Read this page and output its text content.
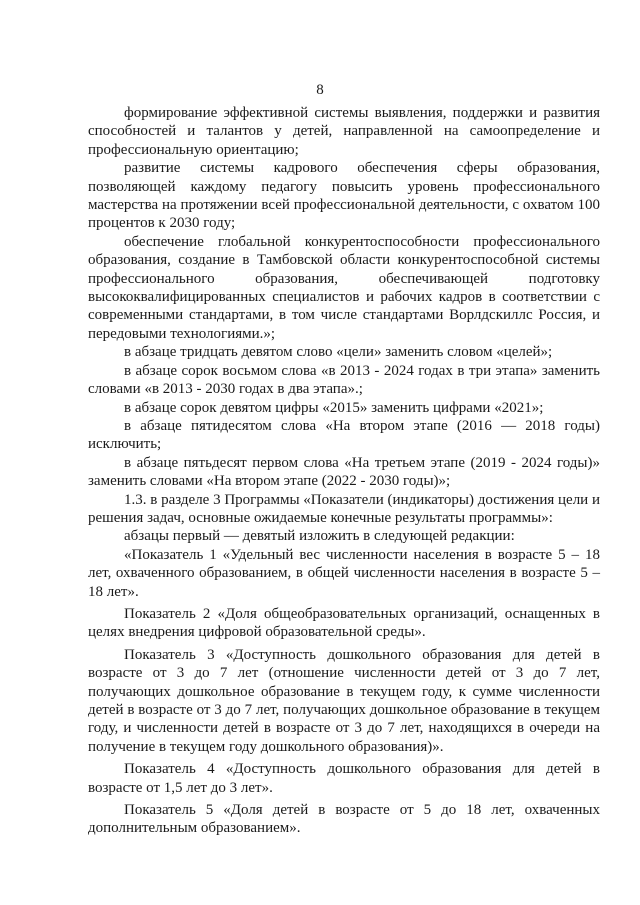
8

формирование эффективной системы выявления, поддержки и развития способностей и талантов у детей, направленной на самоопределение и профессиональную ориентацию;

развитие системы кадрового обеспечения сферы образования, позволяющей каждому педагогу повысить уровень профессионального мастерства на протяжении всей профессиональной деятельности, с охватом 100 процентов к 2030 году;

обеспечение глобальной конкурентоспособности профессионального образования, создание в Тамбовской области конкурентоспособной системы профессионального образования, обеспечивающей подготовку высококвалифицированных специалистов и рабочих кадров в соответствии с современными стандартами, в том числе стандартами Ворлдскиллс Россия, и передовыми технологиями.»;

в абзаце тридцать девятом слово «цели» заменить словом «целей»;

в абзаце сорок восьмом слова «в 2013 - 2024 годах в три этапа» заменить словами «в 2013 - 2030 годах в два этапа».;

в абзаце сорок девятом цифры «2015» заменить цифрами «2021»;

в абзаце пятидесятом слова «На втором этапе (2016 — 2018 годы) исключить;

в абзаце пятьдесят первом слова «На третьем этапе (2019 - 2024 годы)» заменить словами «На втором этапе (2022 - 2030 годы)»;

1.3. в разделе 3 Программы «Показатели (индикаторы) достижения цели и решения задач, основные ожидаемые конечные результаты программы»:

абзацы первый — девятый изложить в следующей редакции:

«Показатель 1 «Удельный вес численности населения в возрасте 5 – 18 лет, охваченного образованием, в общей численности населения в возрасте 5 – 18 лет».

Показатель 2 «Доля общеобразовательных организаций, оснащенных в целях внедрения цифровой образовательной среды».

Показатель 3 «Доступность дошкольного образования для детей в возрасте от 3 до 7 лет (отношение численности детей от 3 до 7 лет, получающих дошкольное образование в текущем году, к сумме численности детей в возрасте от 3 до 7 лет, получающих дошкольное образование в текущем году, и численности детей в возрасте от 3 до 7 лет, находящихся в очереди на получение в текущем году дошкольного образования)».

Показатель 4 «Доступность дошкольного образования для детей в возрасте от 1,5 лет до 3 лет».

Показатель 5 «Доля детей в возрасте от 5 до 18 лет, охваченных дополнительным образованием».
